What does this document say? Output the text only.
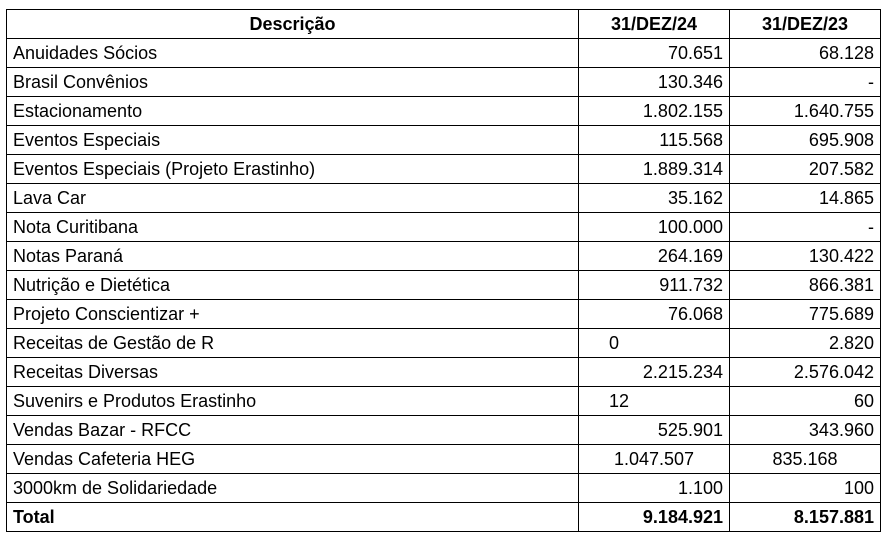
Descrição	31/DEZ/24	31/DEZ/23
Anuidades Sócios	70.651	68.128
Brasil Convênios	130.346	-
Estacionamento	1.802.155	1.640.755
Eventos Especiais	115.568	695.908
Eventos Especiais (Projeto Erastinho)	1.889.314	207.582
Lava Car	35.162	14.865
Nota Curitibana	100.000	-
Notas Paraná	264.169	130.422
Nutrição e Dietética	911.732	866.381
Projeto Conscientizar +	76.068	775.689
Receitas de Gestão de R	0	2.820
Receitas Diversas	2.215.234	2.576.042
Suvenirs e Produtos Erastinho	12	60
Vendas Bazar - RFCC	525.901	343.960
Vendas Cafeteria HEG	1.047.507	835.168
3000km de Solidariedade	1.100	100
Total	9.184.921	8.157.881
